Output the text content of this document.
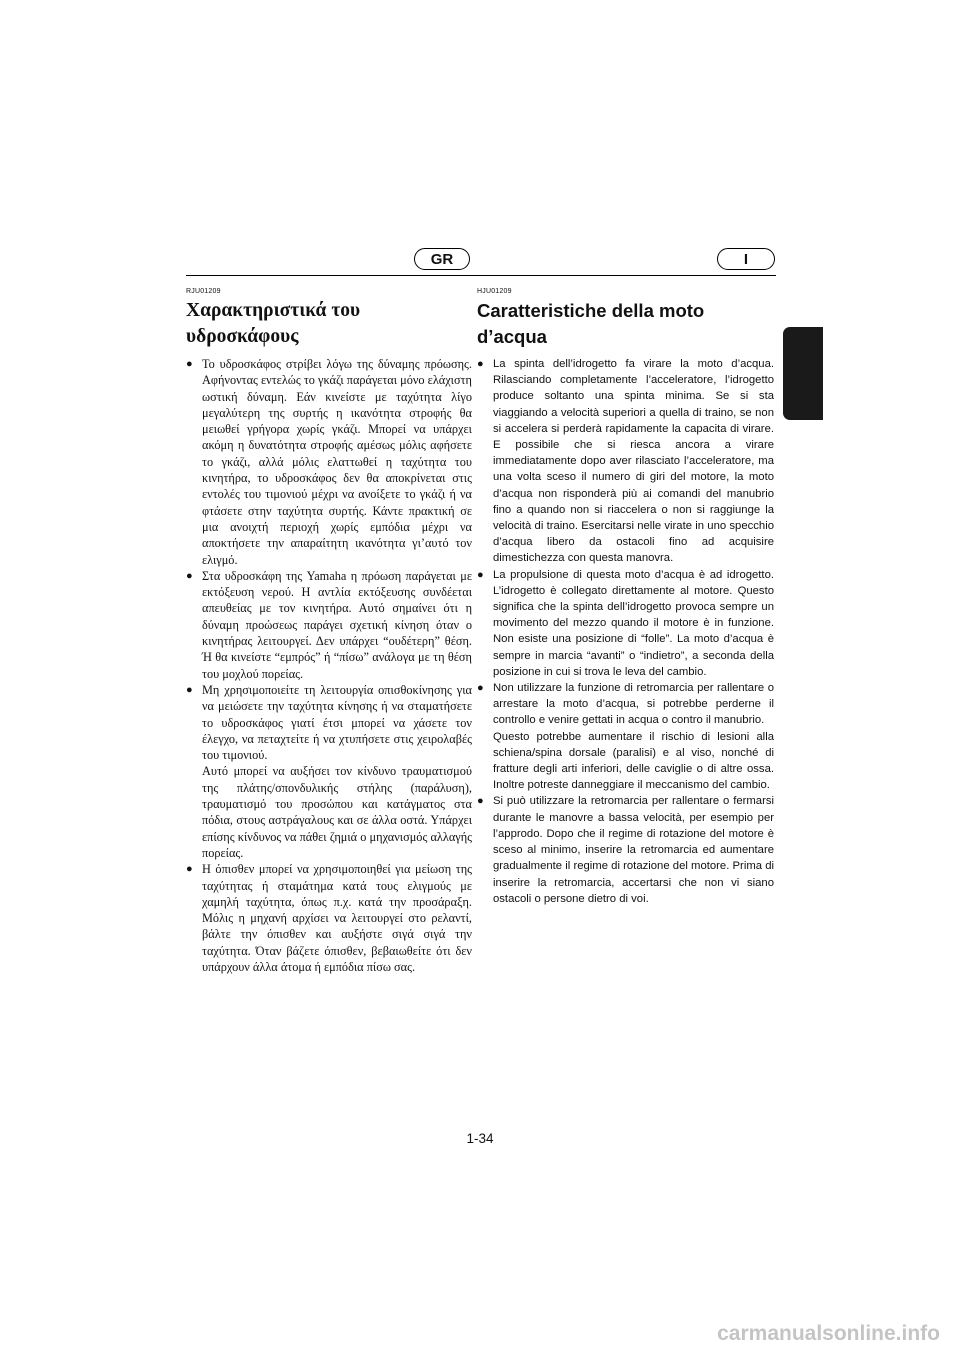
GR	I
RJU01209
Χαρακτηριστικά του υδροσκάφους
● Το υδροσκάφος στρίβει λόγω της δύναμης πρόωσης. Αφήνοντας εντελώς το γκάζι παράγεται μόνο ελάχιστη ωστική δύναμη. Εάν κινείστε με ταχύτητα λίγο μεγαλύτερη της συρτής η ικανότητα στροφής θα μειωθεί γρήγορα χωρίς γκάζι. Μπορεί να υπάρχει ακόμη η δυνατότητα στροφής αμέσως μόλις αφήσετε το γκάζι, αλλά μόλις ελαττωθεί η ταχύτητα του κινητήρα, το υδροσκάφος δεν θα αποκρίνεται στις εντολές του τιμονιού μέχρι να ανοίξετε το γκάζι ή να φτάσετε στην ταχύτητα συρτής. Κάντε πρακτική σε μια ανοιχτή περιοχή χωρίς εμπόδια μέχρι να αποκτήσετε την απαραίτητη ικανότητα γι’αυτό τον ελιγμό.
● Στα υδροσκάφη της Yamaha η πρόωση παράγεται με εκτόξευση νερού. Η αντλία εκτόξευσης συνδέεται απευθείας με τον κινητήρα. Αυτό σημαίνει ότι η δύναμη προώσεως παράγει σχετική κίνηση όταν ο κινητήρας λειτουργεί. Δεν υπάρχει “ουδέτερη” θέση. Ή θα κινείστε “εμπρός” ή “πίσω” ανάλογα με τη θέση του μοχλού πορείας.
● Μη χρησιμοποιείτε τη λειτουργία οπισθοκίνησης για να μειώσετε την ταχύτητα κίνησης ή να σταματήσετε το υδροσκάφος γιατί έτσι μπορεί να χάσετε τον έλεγχο, να πεταχτείτε ή να χτυπήσετε στις χειρολαβές του τιμονιού.
Αυτό μπορεί να αυξήσει τον κίνδυνο τραυματισμού της πλάτης/σπονδυλικής στήλης (παράλυση), τραυματισμό του προσώπου και κατάγματος στα πόδια, στους αστράγαλους και σε άλλα οστά. Υπάρχει επίσης κίνδυνος να πάθει ζημιά ο μηχανισμός αλλαγής πορείας.
● Η όπισθεν μπορεί να χρησιμοποιηθεί για μείωση της ταχύτητας ή σταμάτημα κατά τους ελιγμούς με χαμηλή ταχύτητα, όπως π.χ. κατά την προσάραξη. Μόλις η μηχανή αρχίσει να λειτουργεί στο ρελαντί, βάλτε την όπισθεν και αυξήστε σιγά σιγά την ταχύτητα. Όταν βάζετε όπισθεν, βεβαιωθείτε ότι δεν υπάρχουν άλλα άτομα ή εμπόδια πίσω σας.
HJU01209
Caratteristiche della moto d’acqua
● La spinta dell’idrogetto fa virare la moto d’acqua. Rilasciando completamente l’acceleratore, l’idrogetto produce soltanto una spinta minima. Se si sta viaggiando a velocità superiori a quella di traino, se non si accelera si perderà rapidamente la capacita di virare. E possibile che si riesca ancora a virare immediatamente dopo aver rilasciato l’acceleratore, ma una volta sceso il numero di giri del motore, la moto d’acqua non risponderà più ai comandi del manubrio fino a quando non si riaccelera o non si raggiunge la velocità di traino. Esercitarsi nelle virate in uno specchio d’acqua libero da ostacoli fino ad acquisire dimestichezza con questa manovra.
● La propulsione di questa moto d’acqua è ad idrogetto. L’idrogetto è collegato direttamente al motore. Questo significa che la spinta dell’idrogetto provoca sempre un movimento del mezzo quando il motore è in funzione. Non esiste una posizione di “folle”. La moto d’acqua è sempre in marcia “avanti” o “indietro”, a seconda della posizione in cui si trova le leva del cambio.
● Non utilizzare la funzione di retromarcia per rallentare o arrestare la moto d’acqua, si potrebbe perderne il controllo e venire gettati in acqua o contro il manubrio.
Questo potrebbe aumentare il rischio di lesioni alla schiena/spina dorsale (paralisi) e al viso, nonché di fratture degli arti inferiori, delle caviglie o di altre ossa. Inoltre potreste danneggiare il meccanismo del cambio.
● Si può utilizzare la retromarcia per rallentare o fermarsi durante le manovre a bassa velocità, per esempio per l’approdo. Dopo che il regime di rotazione del motore è sceso al minimo, inserire la retromarcia ed aumentare gradualmente il regime di rotazione del motore. Prima di inserire la retromarcia, accertarsi che non vi siano ostacoli o persone dietro di voi.
1-34
carmanualsonline.info
